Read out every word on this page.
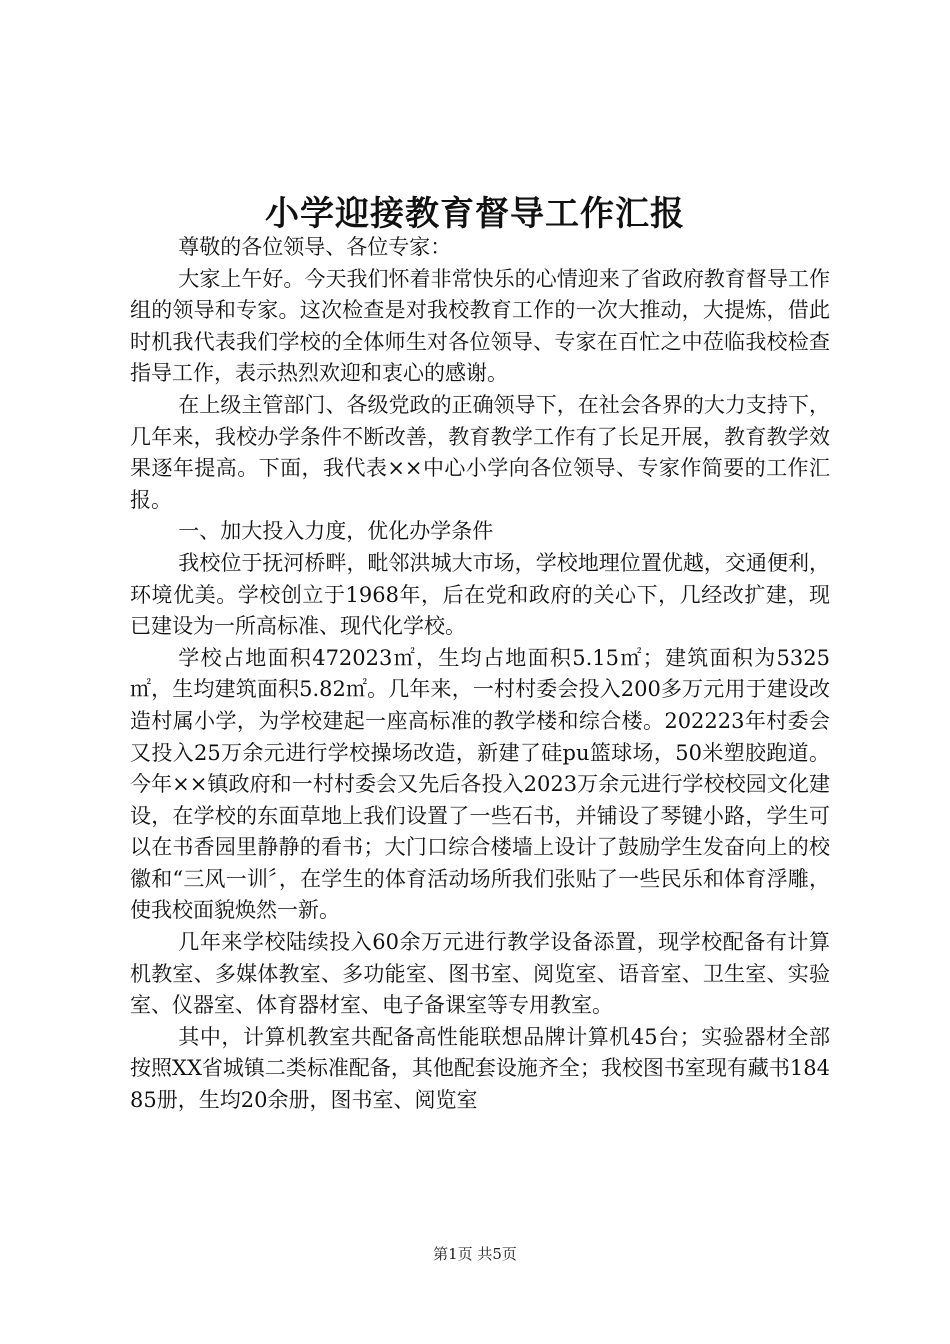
小学迎接教育督导工作汇报

尊敬的各位领导、各位专家：

大家上午好。今天我们怀着非常快乐的心情迎来了省政府教育督导工作组的领导和专家。这次检查是对我校教育工作的一次大推动，大提炼，借此时机我代表我们学校的全体师生对各位领导、专家在百忙之中莅临我校检查指导工作，表示热烈欢迎和衷心的感谢。

在上级主管部门、各级党政的正确领导下，在社会各界的大力支持下，几年来，我校办学条件不断改善，教育教学工作有了长足开展，教育教学效果逐年提高。下面，我代表××中心小学向各位领导、专家作简要的工作汇报。

一、加大投入力度，优化办学条件

我校位于抚河桥畔，毗邻洪城大市场，学校地理位置优越，交通便利，环境优美。学校创立于1968年，后在党和政府的关心下，几经改扩建，现已建设为一所高标准、现代化学校。

学校占地面积472023㎡，生均占地面积5.15㎡；建筑面积为5325㎡，生均建筑面积5.82㎡。几年来，一村村委会投入200多万元用于建设改造村属小学，为学校建起一座高标准的教学楼和综合楼。202223年村委会又投入25万余元进行学校操场改造，新建了硅pu篮球场，50米塑胶跑道。今年××镇政府和一村村委会又先后各投入2023万余元进行学校校园文化建设，在学校的东面草地上我们设置了一些石书，并铺设了琴键小路，学生可以在书香园里静静的看书；大门口综合楼墙上设计了鼓励学生发奋向上的校徽和“三风一训〞，在学生的体育活动场所我们张贴了一些民乐和体育浮雕，使我校面貌焕然一新。

几年来学校陆续投入60余万元进行教学设备添置，现学校配备有计算机教室、多媒体教室、多功能室、图书室、阅览室、语音室、卫生室、实验室、仪器室、体育器材室、电子备课室等专用教室。

其中，计算机教室共配备高性能联想品牌计算机45台；实验器材全部按照XX省城镇二类标准配备，其他配套设施齐全；我校图书室现有藏书18485册，生均20余册，图书室、阅览室

第1页 共5页
